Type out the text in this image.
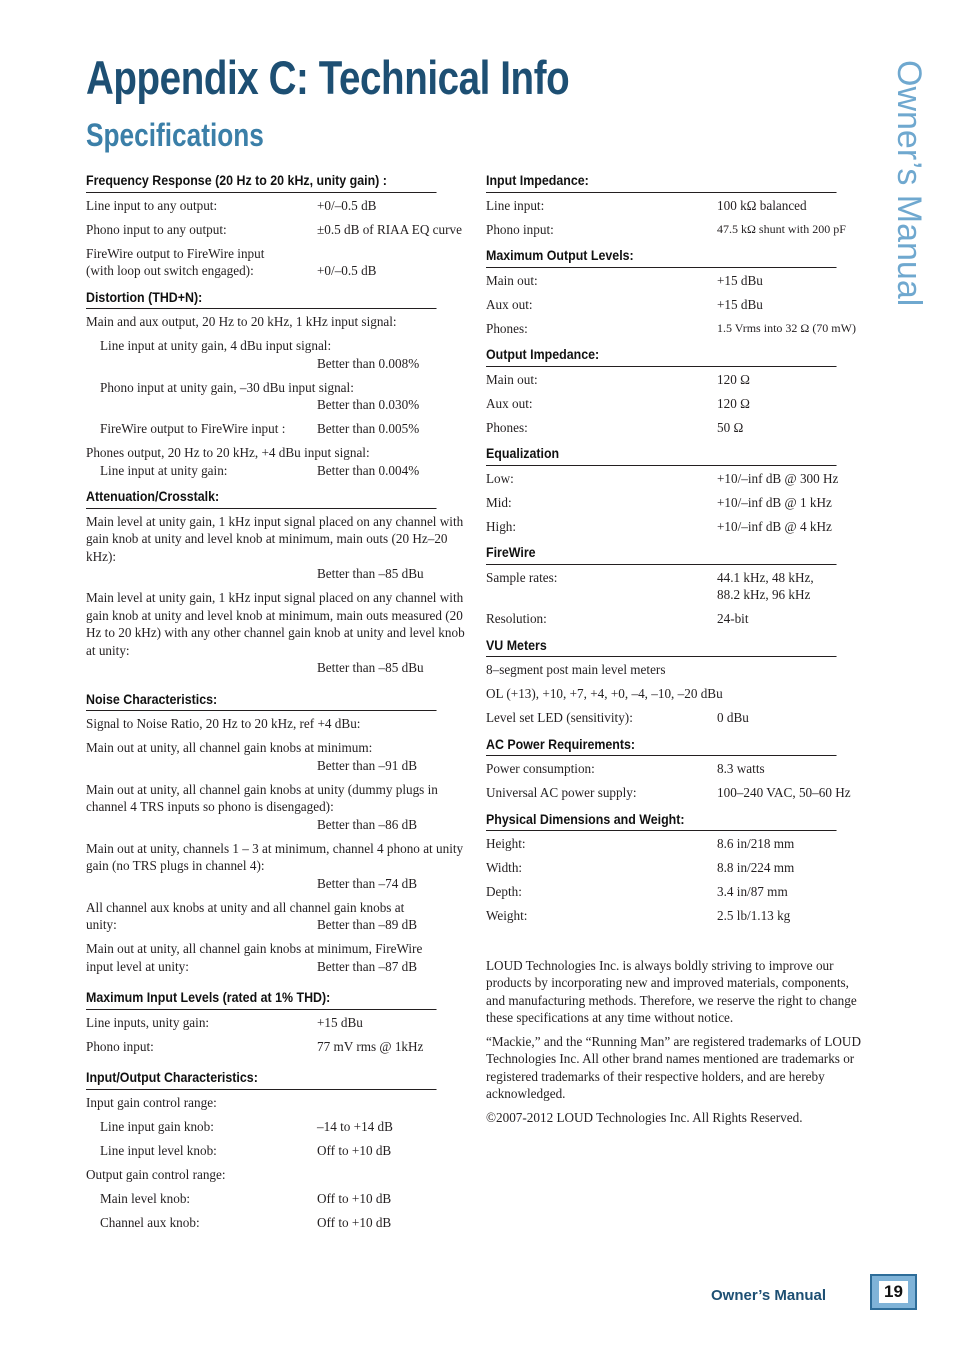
Appendix C: Technical Info
Specifications	Owner’s Manual
Frequency Response (20 Hz to 20 kHz, unity gain) :
Line input to any output:	+0/–0.5 dB
Phono input to any output:	±0.5 dB of RIAA EQ curve
FireWire output to FireWire input
(with loop out switch engaged):	+0/–0.5 dB
Distortion (THD+N):
Main and aux output, 20 Hz to 20 kHz, 1 kHz input signal:
Line input at unity gain, 4 dBu input signal:
Better than 0.008%
Phono input at unity gain, –30 dBu input signal:
Better than 0.030%
FireWire output to FireWire input :	Better than 0.005%
Phones output, 20 Hz to 20 kHz, +4 dBu input signal:
Line input at unity gain:	Better than 0.004%
Attenuation/Crosstalk:
Main level at unity gain, 1 kHz input signal placed on any channel with gain knob at unity and level knob at minimum, main outs (20 Hz–20 kHz):
Better than –85 dBu
Main level at unity gain, 1 kHz input signal placed on any channel with gain knob at unity and level knob at minimum, main outs measured (20 Hz to 20 kHz) with any other channel gain knob at unity and level knob at unity:
Better than –85 dBu
Noise Characteristics:
Signal to Noise Ratio, 20 Hz to 20 kHz, ref +4 dBu:
Main out at unity, all channel gain knobs at minimum:
Better than –91 dB
Main out at unity, all channel gain knobs at unity (dummy plugs in channel 4 TRS inputs so phono is disengaged):
Better than –86 dB
Main out at unity, channels 1 – 3 at minimum, channel 4 phono at unity gain (no TRS plugs in channel 4):
Better than –74 dB
All channel aux knobs at unity and all channel gain knobs at
unity:	Better than –89 dB
Main out at unity, all channel gain knobs at minimum, FireWire
input level at unity:	Better than –87 dB
Maximum Input Levels (rated at 1% THD):
Line inputs, unity gain:	+15 dBu
Phono input:	77 mV rms @ 1kHz
Input/Output Characteristics:
Input gain control range:
Line input gain knob:	–14 to +14 dB
Line input level knob:	Off to +10 dB
Output gain control range:
Main level knob:	Off to +10 dB
Channel aux knob:	Off to +10 dB
Input Impedance:
Line input:	100 kΩ balanced
Phono input:	47.5 kΩ shunt with 200 pF
Maximum Output Levels:
Main out:	+15 dBu
Aux out:	+15 dBu
Phones:	1.5 Vrms into 32 Ω (70 mW)
Output Impedance:
Main out:	120 Ω
Aux out:	120 Ω
Phones:	50 Ω
Equalization
Low:	+10/–inf dB @ 300 Hz
Mid:	+10/–inf dB @ 1 kHz
High:	+10/–inf dB @ 4 kHz
FireWire
Sample rates:	44.1 kHz, 48 kHz,
88.2 kHz, 96 kHz
Resolution:	24-bit
VU Meters
8–segment post main level meters
OL (+13), +10, +7, +4, +0, –4, –10, –20 dBu
Level set LED (sensitivity):	0 dBu
AC Power Requirements:
Power consumption:	8.3 watts
Universal AC power supply:	100–240 VAC, 50–60 Hz
Physical Dimensions and Weight:
Height:	8.6 in/218 mm
Width:	8.8 in/224 mm
Depth:	3.4 in/87 mm
Weight:	2.5 lb/1.13 kg
LOUD Technologies Inc. is always boldly striving to improve our products by incorporating new and improved materials, components, and manufacturing methods. Therefore, we reserve the right to change these specifications at any time without notice.
“Mackie,” and the “Running Man” are registered trademarks of LOUD Technologies Inc. All other brand names mentioned are trademarks or registered trademarks of their respective holders, and are hereby acknowledged.
©2007-2012 LOUD Technologies Inc. All Rights Reserved.
Owner’s Manual	19
